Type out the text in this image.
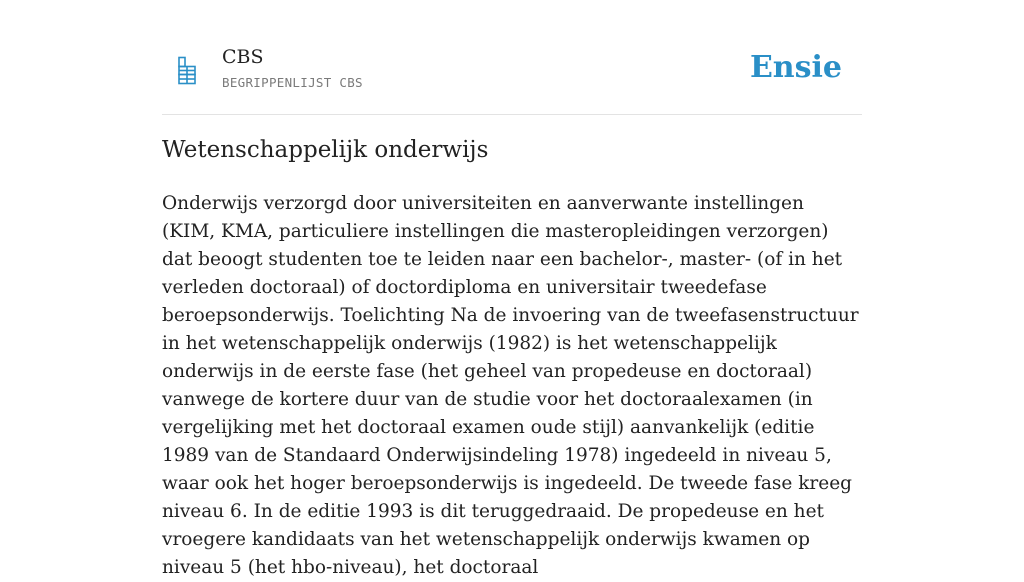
CBS
BEGRIPPENLIJST CBS	Ensie
Wetenschappelijk onderwijs

Onderwijs verzorgd door universiteiten en aanverwante instellingen (KIM, KMA, particuliere instellingen die masteropleidingen verzorgen) dat beoogt studenten toe te leiden naar een bachelor-, master- (of in het verleden doctoraal) of doctordiploma en universitair tweedefase beroepsonderwijs. Toelichting Na de invoering van de tweefasenstructuur in het wetenschappelijk onderwijs (1982) is het wetenschappelijk onderwijs in de eerste fase (het geheel van propedeuse en doctoraal) vanwege de kortere duur van de studie voor het doctoraalexamen (in vergelijking met het doctoraal examen oude stijl) aanvankelijk (editie 1989 van de Standaard Onderwijsindeling 1978) ingedeeld in niveau 5, waar ook het hoger beroepsonderwijs is ingedeeld. De tweede fase kreeg niveau 6. In de editie 1993 is dit teruggedraaid. De propedeuse en het vroegere kandidaats van het wetenschappelijk onderwijs kwamen op niveau 5 (het hbo-niveau), het doctoraal
